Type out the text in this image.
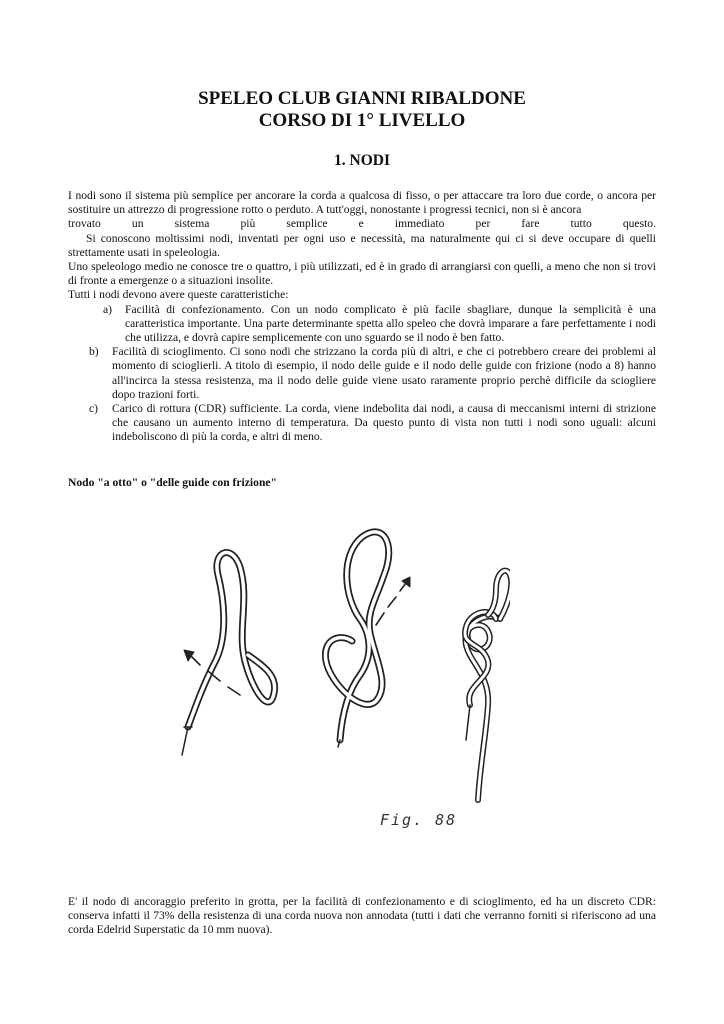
SPELEO CLUB GIANNI RIBALDONE
CORSO DI 1° LIVELLO
1. NODI

I nodi sono il sistema più semplice per ancorare la corda a qualcosa di fisso, o per attaccare tra loro due corde, o ancora per sostituire un attrezzo di progressione rotto o perduto. A tutt'oggi, nonostante i progressi tecnici, non si è ancora

trovato un sistema più semplice e immediato per fare tutto questo.

Si conoscono moltissimi nodi, inventati per ogni uso e necessità, ma naturalmente qui ci si deve occupare di quelli strettamente usati in speleologia.

Uno speleologo medio ne conosce tre o quattro, i più utilizzati, ed è in grado di arrangiarsi con quelli, a meno che non si trovi di fronte a emergenze o a situazioni insolite.

Tutti i nodi devono avere queste caratteristiche:

a) Facilità di confezionamento. Con un nodo complicato è più facile sbagliare, dunque la semplicità è una caratteristica importante. Una parte determinante spetta allo speleo che dovrà imparare a fare perfettamente i nodi che utilizza, e dovrà capire semplicemente con uno sguardo se il nodo è ben fatto.
b) Facilità di scioglimento. Ci sono nodi che strizzano la corda più di altri, e che ci potrebbero creare dei problemi al momento di scioglierli. A titolo di esempio, il nodo delle guide e il nodo delle guide con frizione (nodo a 8) hanno all'incirca la stessa resistenza, ma il nodo delle guide viene usato raramente proprio perchè difficile da sciogliere dopo trazioni forti.
c) Carico di rottura (CDR) sufficiente. La corda, viene indebolita dai nodi, a causa di meccanismi interni di strizione che causano un aumento interno di temperatura. Da questo punto di vista non tutti i nodi sono uguali: alcuni indeboliscono di più la corda, e altri di meno.
Nodo "a otto" o "delle guide con frizione"
Fig. 88

E' il nodo di ancoraggio preferito in grotta, per la facilità di confezionamento e di scioglimento, ed ha un discreto CDR: conserva infatti il 73% della resistenza di una corda nuova non annodata (tutti i dati che verranno forniti si riferiscono ad una corda Edelrid Superstatic da 10 mm nuova).
